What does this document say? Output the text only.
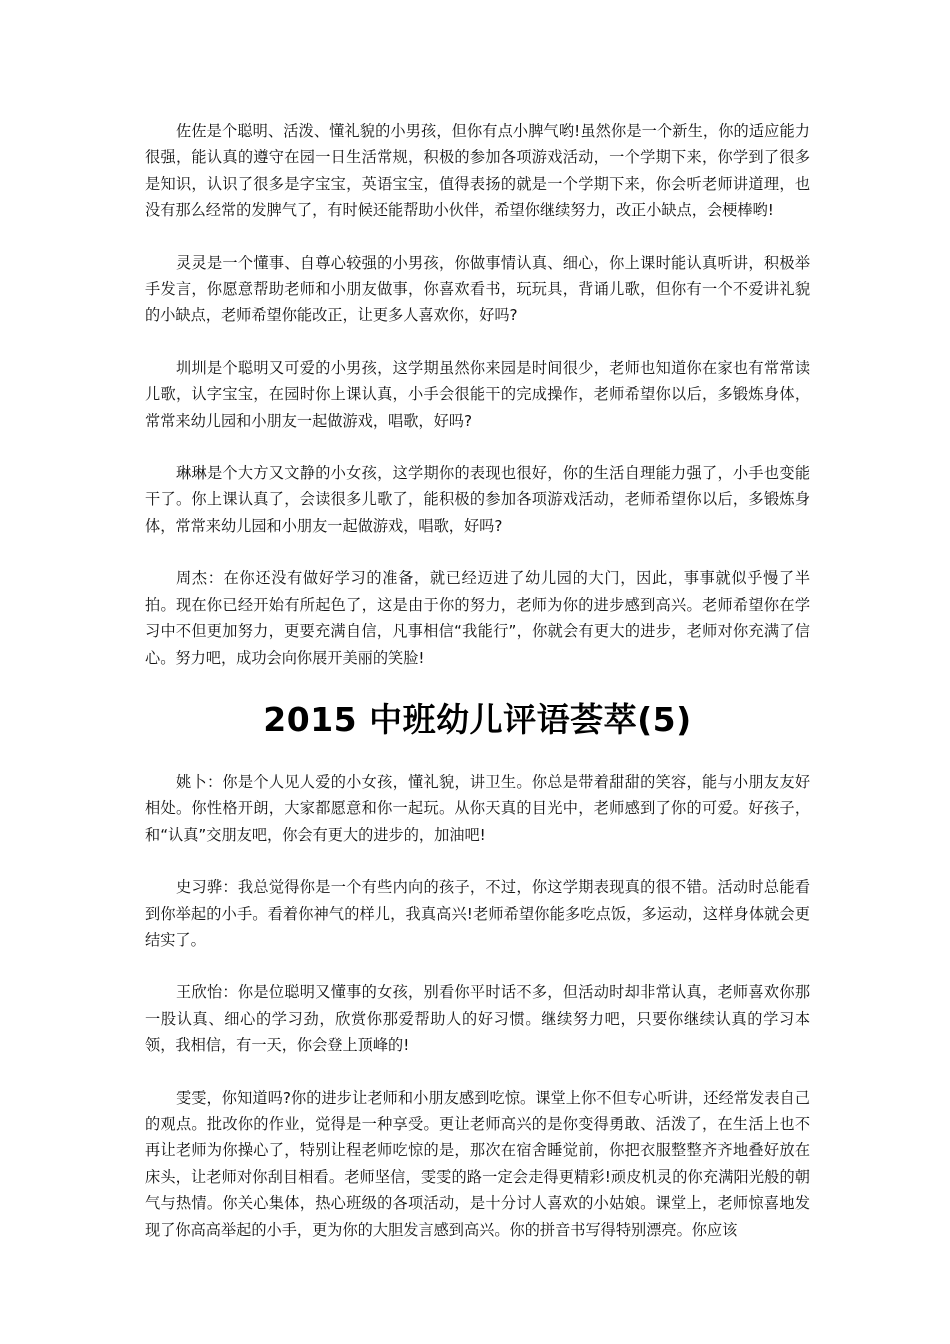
佐佐是个聪明、活泼、懂礼貌的小男孩，但你有点小脾气哟!虽然你是一个新生，你的适应能力很强，能认真的遵守在园一日生活常规，积极的参加各项游戏活动，一个学期下来，你学到了很多是知识，认识了很多是字宝宝，英语宝宝，值得表扬的就是一个学期下来，你会听老师讲道理，也没有那么经常的发脾气了，有时候还能帮助小伙伴，希望你继续努力，改正小缺点，会梗棒哟!

灵灵是一个懂事、自尊心较强的小男孩，你做事情认真、细心，你上课时能认真听讲，积极举手发言，你愿意帮助老师和小朋友做事，你喜欢看书，玩玩具，背诵儿歌，但你有一个不爱讲礼貌的小缺点，老师希望你能改正，让更多人喜欢你，好吗?

圳圳是个聪明又可爱的小男孩，这学期虽然你来园是时间很少，老师也知道你在家也有常常读儿歌，认字宝宝，在园时你上课认真，小手会很能干的完成操作，老师希望你以后，多锻炼身体，常常来幼儿园和小朋友一起做游戏，唱歌，好吗?

琳琳是个大方又文静的小女孩，这学期你的表现也很好，你的生活自理能力强了，小手也变能干了。你上课认真了，会读很多儿歌了，能积极的参加各项游戏活动，老师希望你以后，多锻炼身体，常常来幼儿园和小朋友一起做游戏，唱歌，好吗?

周杰：在你还没有做好学习的准备，就已经迈进了幼儿园的大门，因此，事事就似乎慢了半拍。现在你已经开始有所起色了，这是由于你的努力，老师为你的进步感到高兴。老师希望你在学习中不但更加努力，更要充满自信，凡事相信“我能行”，你就会有更大的进步，老师对你充满了信心。努力吧，成功会向你展开美丽的笑脸!

2015 中班幼儿评语荟萃(5)

姚卜：你是个人见人爱的小女孩，懂礼貌，讲卫生。你总是带着甜甜的笑容，能与小朋友友好相处。你性格开朗，大家都愿意和你一起玩。从你天真的目光中，老师感到了你的可爱。好孩子，和“认真”交朋友吧，你会有更大的进步的，加油吧!

史习骅：我总觉得你是一个有些内向的孩子，不过，你这学期表现真的很不错。活动时总能看到你举起的小手。看着你神气的样儿，我真高兴!老师希望你能多吃点饭，多运动，这样身体就会更结实了。

王欣怡：你是位聪明又懂事的女孩，别看你平时话不多，但活动时却非常认真，老师喜欢你那一股认真、细心的学习劲，欣赏你那爱帮助人的好习惯。继续努力吧，只要你继续认真的学习本领，我相信，有一天，你会登上顶峰的!

雯雯，你知道吗?你的进步让老师和小朋友感到吃惊。课堂上你不但专心听讲，还经常发表自己的观点。批改你的作业，觉得是一种享受。更让老师高兴的是你变得勇敢、活泼了，在生活上也不再让老师为你操心了，特别让程老师吃惊的是，那次在宿舍睡觉前，你把衣服整整齐齐地叠好放在床头，让老师对你刮目相看。老师坚信，雯雯的路一定会走得更精彩!顽皮机灵的你充满阳光般的朝气与热情。你关心集体，热心班级的各项活动，是十分讨人喜欢的小姑娘。课堂上，老师惊喜地发现了你高高举起的小手，更为你的大胆发言感到高兴。你的拼音书写得特别漂亮。你应该
